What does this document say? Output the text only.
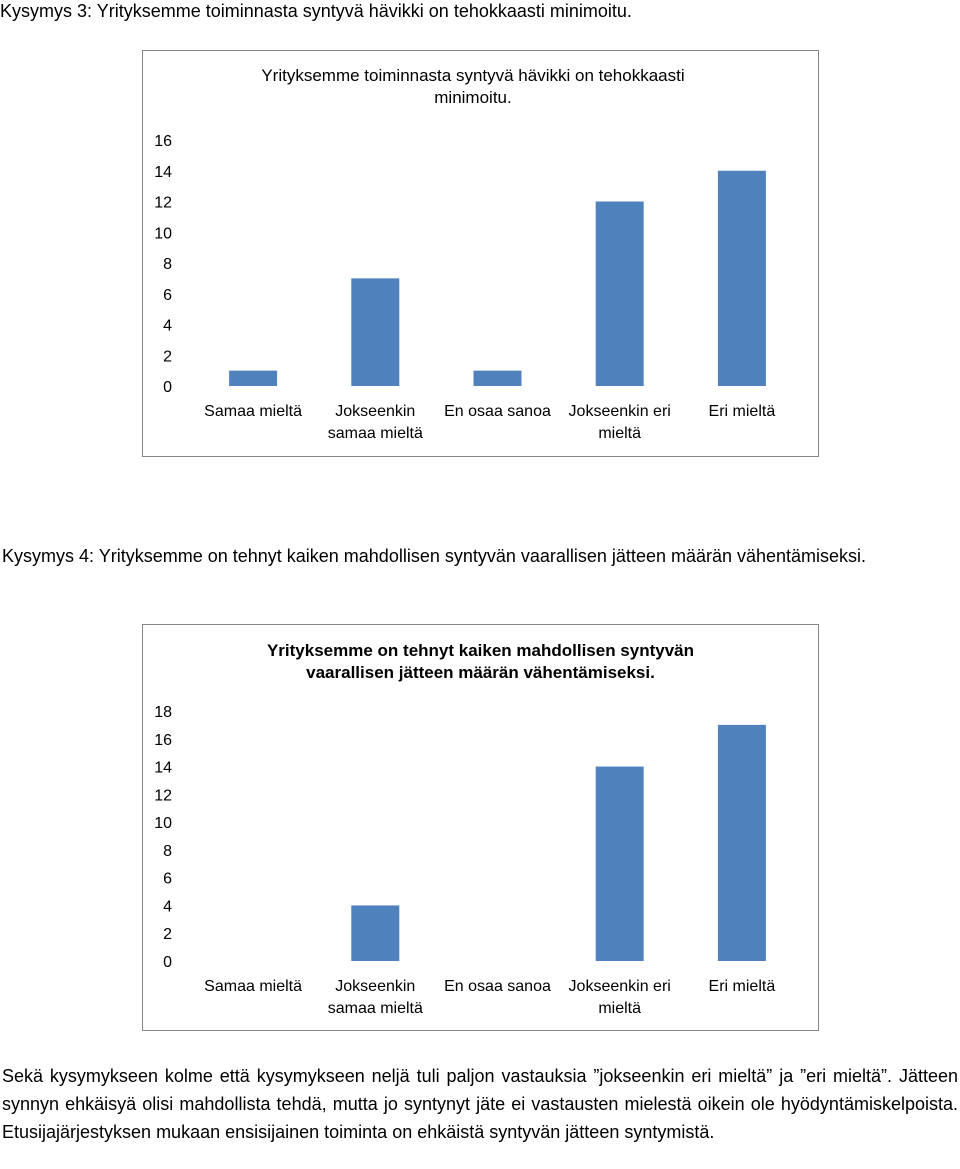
Kysymys 3: Yrityksemme toiminnasta syntyvä hävikki on tehokkaasti minimoitu.
Yrityksemme toiminnasta syntyvä hävikki on tehokkaasti minimoitu.
0
2
4
6
8
10
12
14
16
Samaa mieltä	Jokseenkin samaa mieltä
En osaa sanoa Jokseenkin eri mieltä
Eri mieltä
Kysymys 4: Yrityksemme on tehnyt kaiken mahdollisen syntyvän vaarallisen jätteen määrän vähentämiseksi.
Yrityksemme on tehnyt kaiken mahdollisen syntyvän vaarallisen jätteen määrän vähentämiseksi.
0
2
4
6
8
10
12
14
16
18
Samaa mieltä	Jokseenkin samaa mieltä
En osaa sanoa Jokseenkin eri mieltä
Eri mieltä
Sekä kysymykseen kolme että kysymykseen neljä tuli paljon vastauksia ”jokseenkin eri mieltä” ja ”eri mieltä”. Jätteen synnyn ehkäisyä olisi mahdollista tehdä, mutta jo syntynyt jäte ei vastausten mielestä oikein ole hyödyntämiskelpoista. Etusijajärjestyksen mukaan ensisijainen toiminta on ehkäistä syntyvän jätteen syntymistä.
